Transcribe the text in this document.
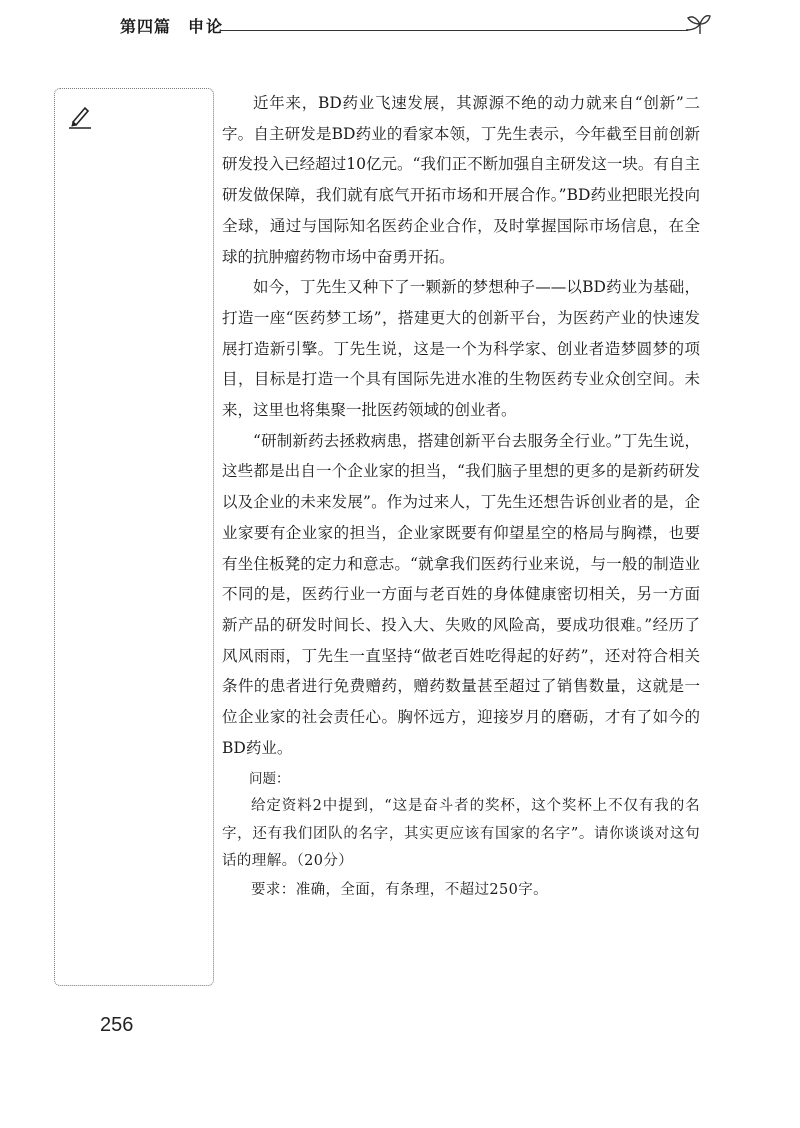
第四篇 申论

近年来，BD药业飞速发展，其源源不绝的动力就来自“创新”二字。自主研发是BD药业的看家本领，丁先生表示，今年截至目前创新研发投入已经超过10亿元。“我们正不断加强自主研发这一块。有自主研发做保障，我们就有底气开拓市场和开展合作。”BD药业把眼光投向全球，通过与国际知名医药企业合作，及时掌握国际市场信息，在全球的抗肿瘤药物市场中奋勇开拓。

如今，丁先生又种下了一颗新的梦想种子——以BD药业为基础，打造一座“医药梦工场”，搭建更大的创新平台，为医药产业的快速发展打造新引擎。丁先生说，这是一个为科学家、创业者造梦圆梦的项目，目标是打造一个具有国际先进水准的生物医药专业众创空间。未来，这里也将集聚一批医药领域的创业者。

“研制新药去拯救病患，搭建创新平台去服务全行业。”丁先生说，这些都是出自一个企业家的担当，“我们脑子里想的更多的是新药研发以及企业的未来发展”。作为过来人，丁先生还想告诉创业者的是，企业家要有企业家的担当，企业家既要有仰望星空的格局与胸襟，也要有坐住板凳的定力和意志。“就拿我们医药行业来说，与一般的制造业不同的是，医药行业一方面与老百姓的身体健康密切相关，另一方面新产品的研发时间长、投入大、失败的风险高，要成功很难。”经历了风风雨雨，丁先生一直坚持“做老百姓吃得起的好药”，还对符合相关条件的患者进行免费赠药，赠药数量甚至超过了销售数量，这就是一位企业家的社会责任心。胸怀远方，迎接岁月的磨砺，才有了如今的BD药业。

问题：

给定资料2中提到，“这是奋斗者的奖杯，这个奖杯上不仅有我的名字，还有我们团队的名字，其实更应该有国家的名字”。请你谈谈对这句话的理解。（20分）

要求：准确，全面，有条理，不超过250字。

256
